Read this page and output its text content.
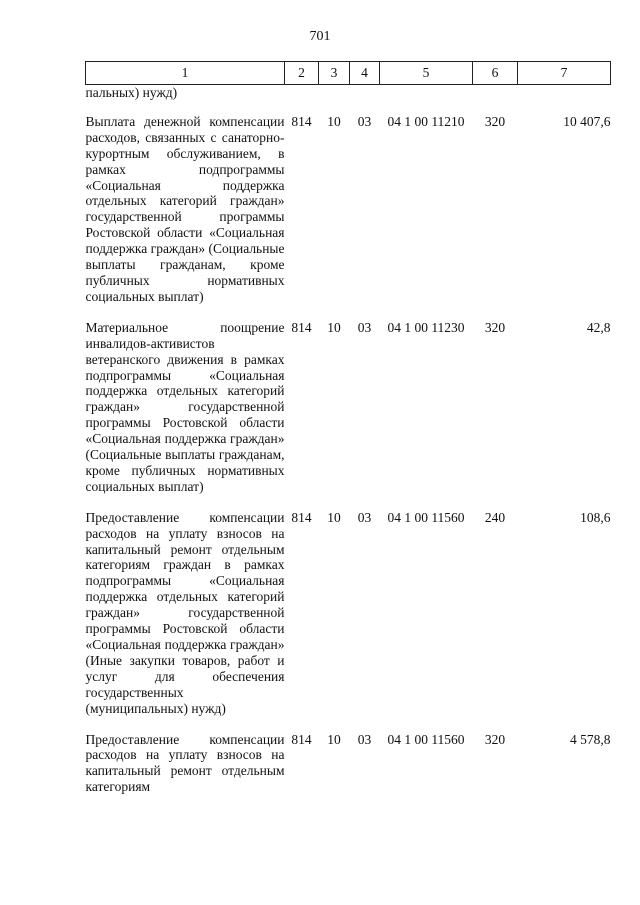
701
1	2	3	4	5	6	7
пальных) нужд)						
Выплата денежной компенсации расходов, связанных с санаторно-курортным обслуживанием, в рамках подпрограммы «Социальная поддержка отдельных категорий граждан» государственной программы Ростовской области «Социальная поддержка граждан» (Социальные выплаты гражданам, кроме публичных нормативных социальных выплат)	814	10	03	04 1 00 11210	320	10 407,6
Материальное поощрение инвалидов-активистов ветеранского движения в рамках подпрограммы «Социальная поддержка отдельных категорий граждан» государственной программы Ростовской области «Социальная поддержка граждан» (Социальные выплаты гражданам, кроме публичных нормативных социальных выплат)	814	10	03	04 1 00 11230	320	42,8
Предоставление компенсации расходов на уплату взносов на капитальный ремонт отдельным категориям граждан в рамках подпрограммы «Социальная поддержка отдельных категорий граждан» государственной программы Ростовской области «Социальная поддержка граждан» (Иные закупки товаров, работ и услуг для обеспечения государственных (муниципальных) нужд)	814	10	03	04 1 00 11560	240	108,6
Предоставление компенсации расходов на уплату взносов на капитальный ремонт отдельным категориям	814	10	03	04 1 00 11560	320	4 578,8
